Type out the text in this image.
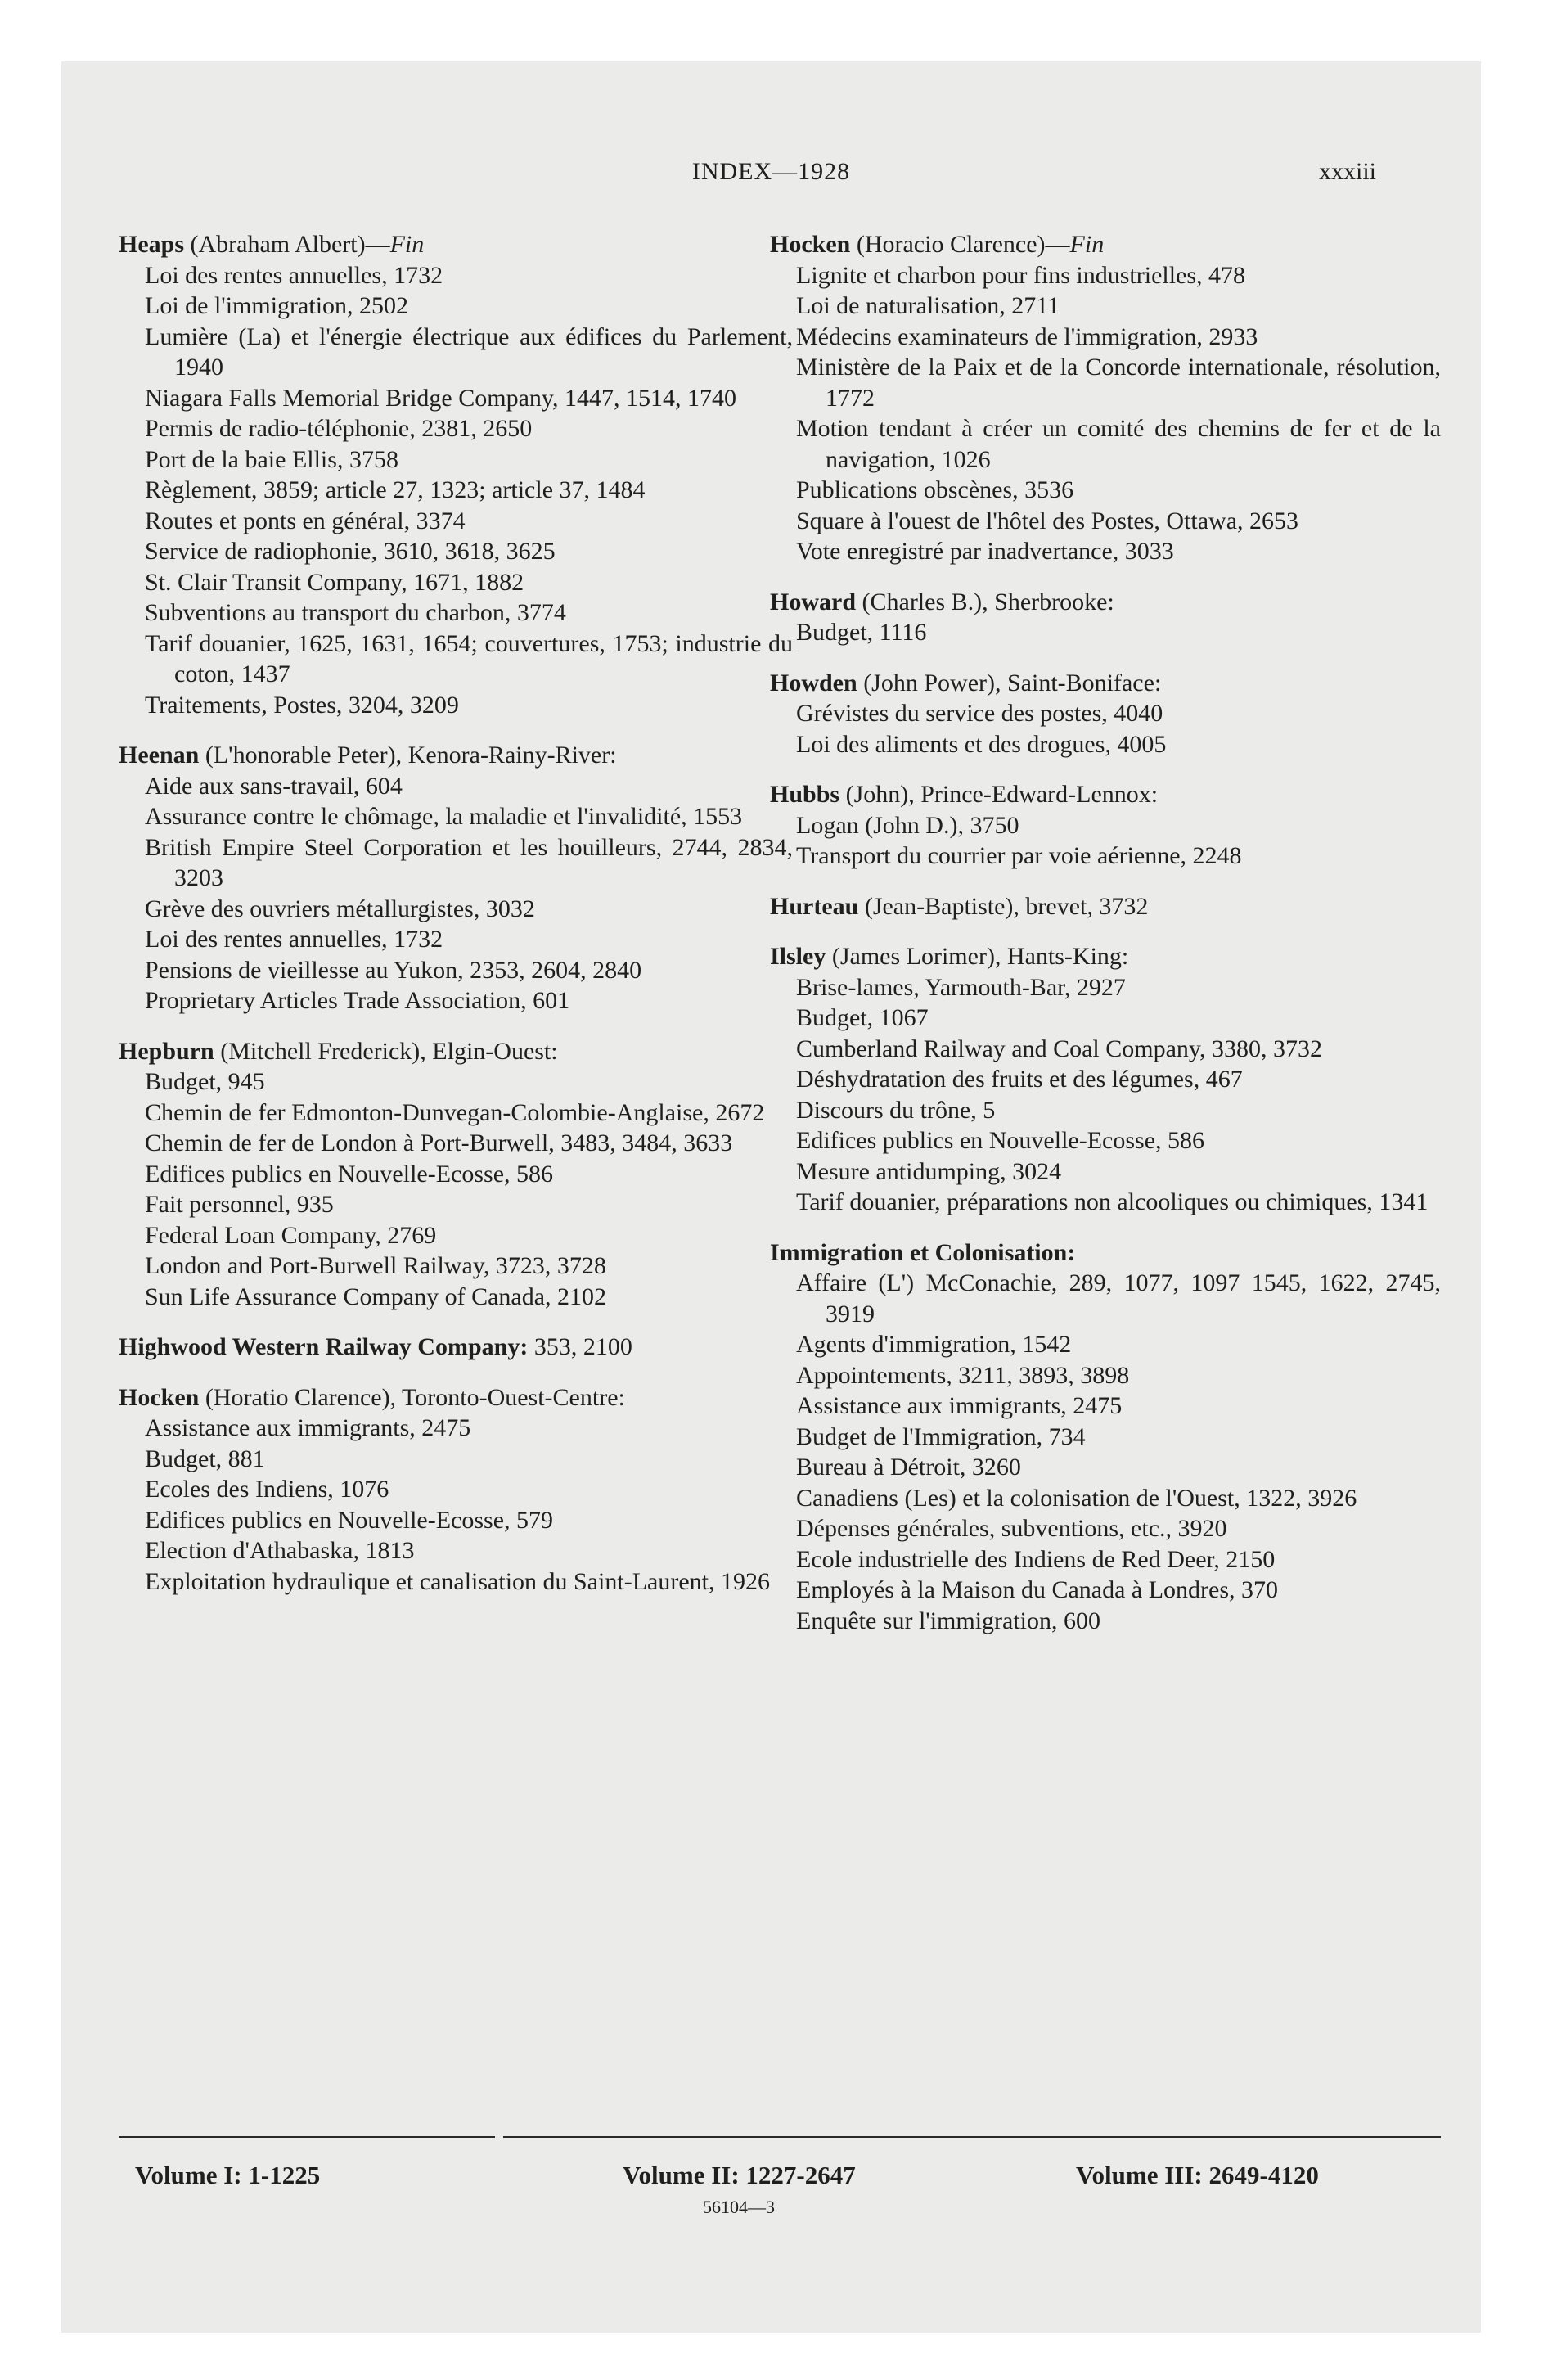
INDEX—1928	xxxiii
Heaps (Abraham Albert)—Fin
Loi des rentes annuelles, 1732
Loi de l'immigration, 2502
Lumière (La) et l'énergie électrique aux édifices du Parlement, 1940
Niagara Falls Memorial Bridge Company, 1447, 1514, 1740
Permis de radio-téléphonie, 2381, 2650
Port de la baie Ellis, 3758
Règlement, 3859; article 27, 1323; article 37, 1484
Routes et ponts en général, 3374
Service de radiophonie, 3610, 3618, 3625
St. Clair Transit Company, 1671, 1882
Subventions au transport du charbon, 3774
Tarif douanier, 1625, 1631, 1654; couvertures, 1753; industrie du coton, 1437
Traitements, Postes, 3204, 3209
Heenan (L'honorable Peter), Kenora-Rainy-River:
Aide aux sans-travail, 604
Assurance contre le chômage, la maladie et l'invalidité, 1553
British Empire Steel Corporation et les houilleurs, 2744, 2834, 3203
Grève des ouvriers métallurgistes, 3032
Loi des rentes annuelles, 1732
Pensions de vieillesse au Yukon, 2353, 2604, 2840
Proprietary Articles Trade Association, 601
Hepburn (Mitchell Frederick), Elgin-Ouest:
Budget, 945
Chemin de fer Edmonton-Dunvegan-Colombie-Anglaise, 2672
Chemin de fer de London à Port-Burwell, 3483, 3484, 3633
Edifices publics en Nouvelle-Ecosse, 586
Fait personnel, 935
Federal Loan Company, 2769
London and Port-Burwell Railway, 3723, 3728
Sun Life Assurance Company of Canada, 2102
Highwood Western Railway Company: 353, 2100
Hocken (Horatio Clarence), Toronto-Ouest-Centre:
Assistance aux immigrants, 2475
Budget, 881
Ecoles des Indiens, 1076
Edifices publics en Nouvelle-Ecosse, 579
Election d'Athabaska, 1813
Exploitation hydraulique et canalisation du Saint-Laurent, 1926
Hocken (Horacio Clarence)—Fin
Lignite et charbon pour fins industrielles, 478
Loi de naturalisation, 2711
Médecins examinateurs de l'immigration, 2933
Ministère de la Paix et de la Concorde internationale, résolution, 1772
Motion tendant à créer un comité des chemins de fer et de la navigation, 1026
Publications obscènes, 3536
Square à l'ouest de l'hôtel des Postes, Ottawa, 2653
Vote enregistré par inadvertance, 3033
Howard (Charles B.), Sherbrooke:
Budget, 1116
Howden (John Power), Saint-Boniface:
Grévistes du service des postes, 4040
Loi des aliments et des drogues, 4005
Hubbs (John), Prince-Edward-Lennox:
Logan (John D.), 3750
Transport du courrier par voie aérienne, 2248
Hurteau (Jean-Baptiste), brevet, 3732
Ilsley (James Lorimer), Hants-King:
Brise-lames, Yarmouth-Bar, 2927
Budget, 1067
Cumberland Railway and Coal Company, 3380, 3732
Déshydratation des fruits et des légumes, 467
Discours du trône, 5
Edifices publics en Nouvelle-Ecosse, 586
Mesure antidumping, 3024
Tarif douanier, préparations non alcooliques ou chimiques, 1341
Immigration et Colonisation:
Affaire (L') McConachie, 289, 1077, 1097 1545, 1622, 2745, 3919
Agents d'immigration, 1542
Appointements, 3211, 3893, 3898
Assistance aux immigrants, 2475
Budget de l'Immigration, 734
Bureau à Détroit, 3260
Canadiens (Les) et la colonisation de l'Ouest, 1322, 3926
Dépenses générales, subventions, etc., 3920
Ecole industrielle des Indiens de Red Deer, 2150
Employés à la Maison du Canada à Londres, 370
Enquête sur l'immigration, 600
Volume I: 1-1225	Volume II: 1227-2647	Volume III: 2649-4120
56104—3
